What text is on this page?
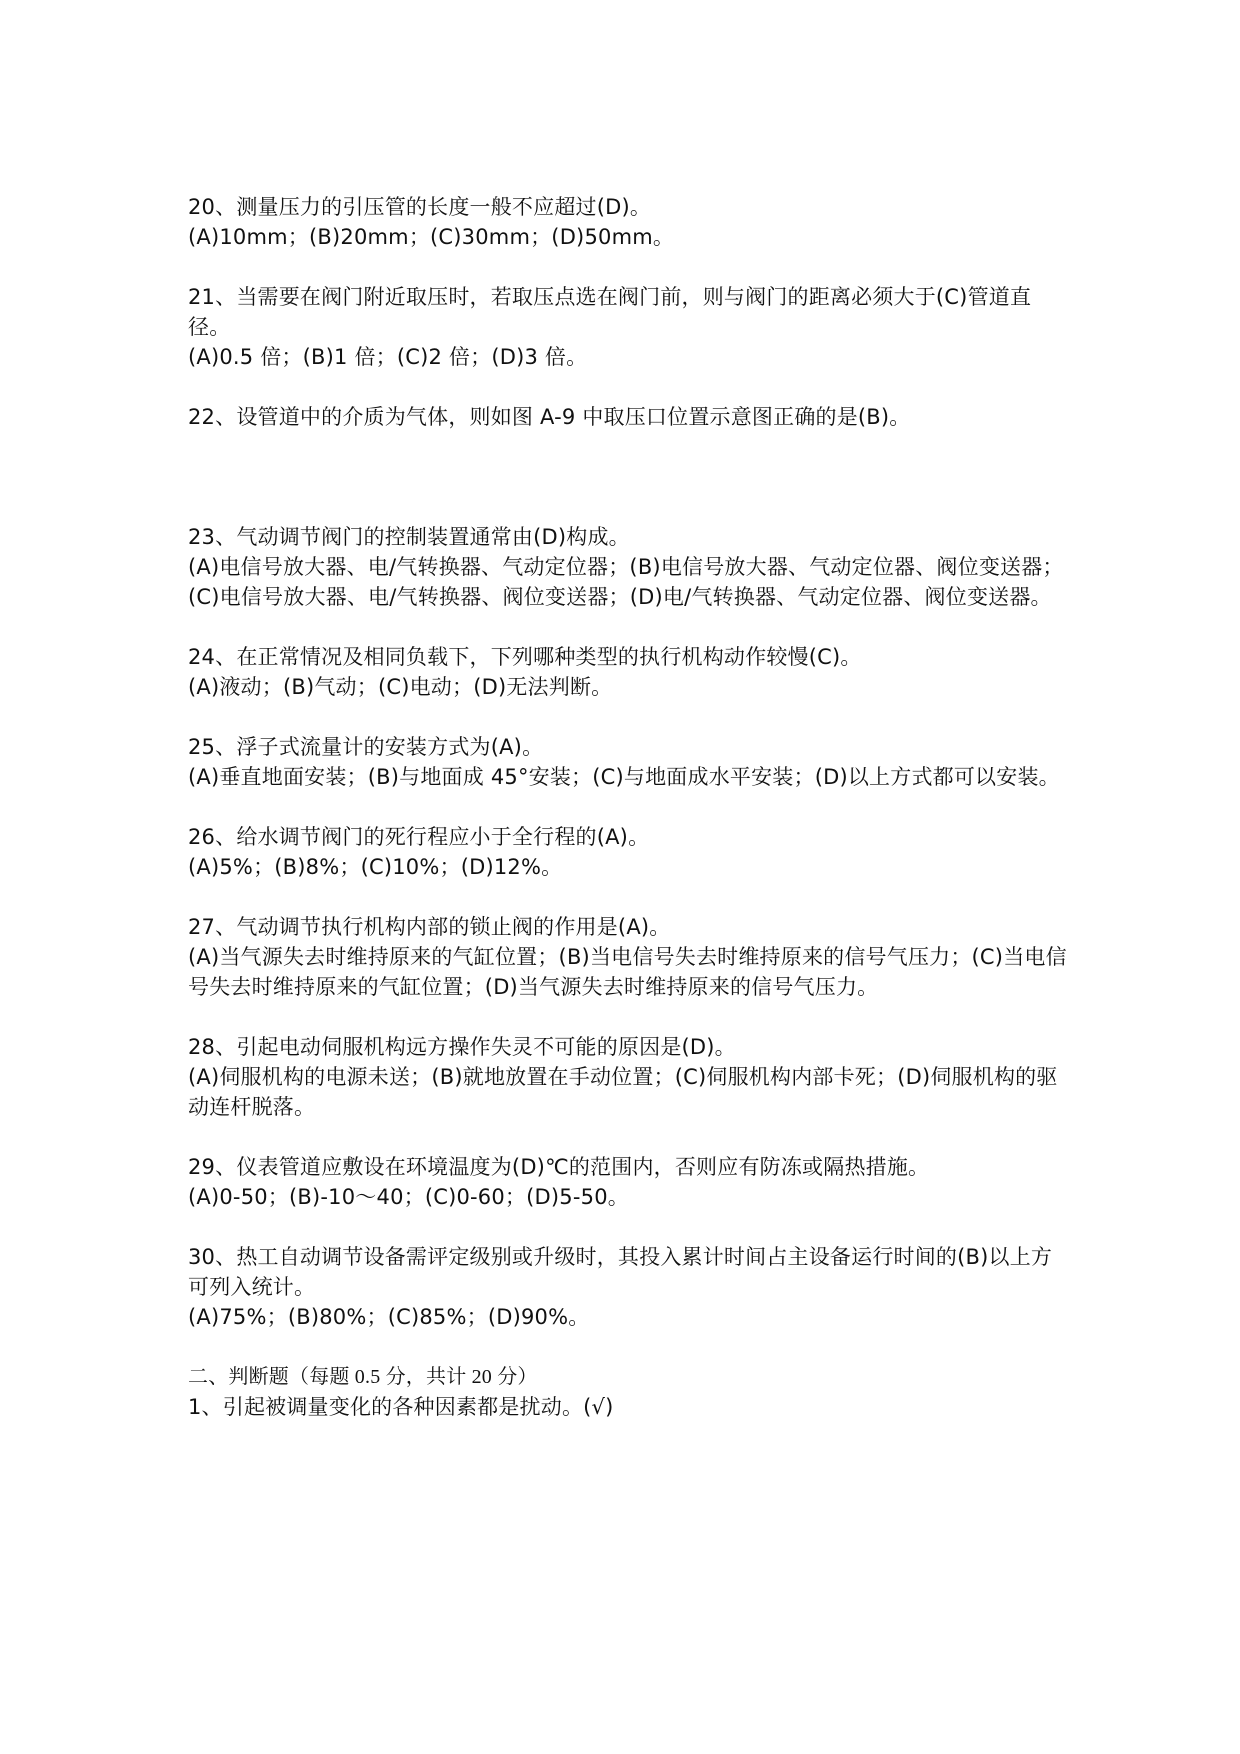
20、测量压力的引压管的长度一般不应超过(D)。

(A)10mm；(B)20mm；(C)30mm；(D)50mm。

21、当需要在阀门附近取压时，若取压点选在阀门前，则与阀门的距离必须大于(C)管道直径。

(A)0.5 倍；(B)1 倍；(C)2 倍；(D)3 倍。

22、设管道中的介质为气体，则如图 A-9 中取压口位置示意图正确的是(B)。

23、气动调节阀门的控制装置通常由(D)构成。

(A)电信号放大器、电/气转换器、气动定位器；(B)电信号放大器、气动定位器、阀位变送器；(C)电信号放大器、电/气转换器、阀位变送器；(D)电/气转换器、气动定位器、阀位变送器。

24、在正常情况及相同负载下，下列哪种类型的执行机构动作较慢(C)。

(A)液动；(B)气动；(C)电动；(D)无法判断。

25、浮子式流量计的安装方式为(A)。

(A)垂直地面安装；(B)与地面成 45°安装；(C)与地面成水平安装；(D)以上方式都可以安装。

26、给水调节阀门的死行程应小于全行程的(A)。

(A)5%；(B)8%；(C)10%；(D)12%。

27、气动调节执行机构内部的锁止阀的作用是(A)。

(A)当气源失去时维持原来的气缸位置；(B)当电信号失去时维持原来的信号气压力；(C)当电信号失去时维持原来的气缸位置；(D)当气源失去时维持原来的信号气压力。

28、引起电动伺服机构远方操作失灵不可能的原因是(D)。

(A)伺服机构的电源未送；(B)就地放置在手动位置；(C)伺服机构内部卡死；(D)伺服机构的驱动连杆脱落。

29、仪表管道应敷设在环境温度为(D)℃的范围内，否则应有防冻或隔热措施。

(A)0-50；(B)-10～40；(C)0-60；(D)5-50。

30、热工自动调节设备需评定级别或升级时，其投入累计时间占主设备运行时间的(B)以上方可列入统计。

(A)75%；(B)80%；(C)85%；(D)90%。

二、判断题（每题 0.5 分，共计 20 分）

1、引起被调量变化的各种因素都是扰动。(√)
